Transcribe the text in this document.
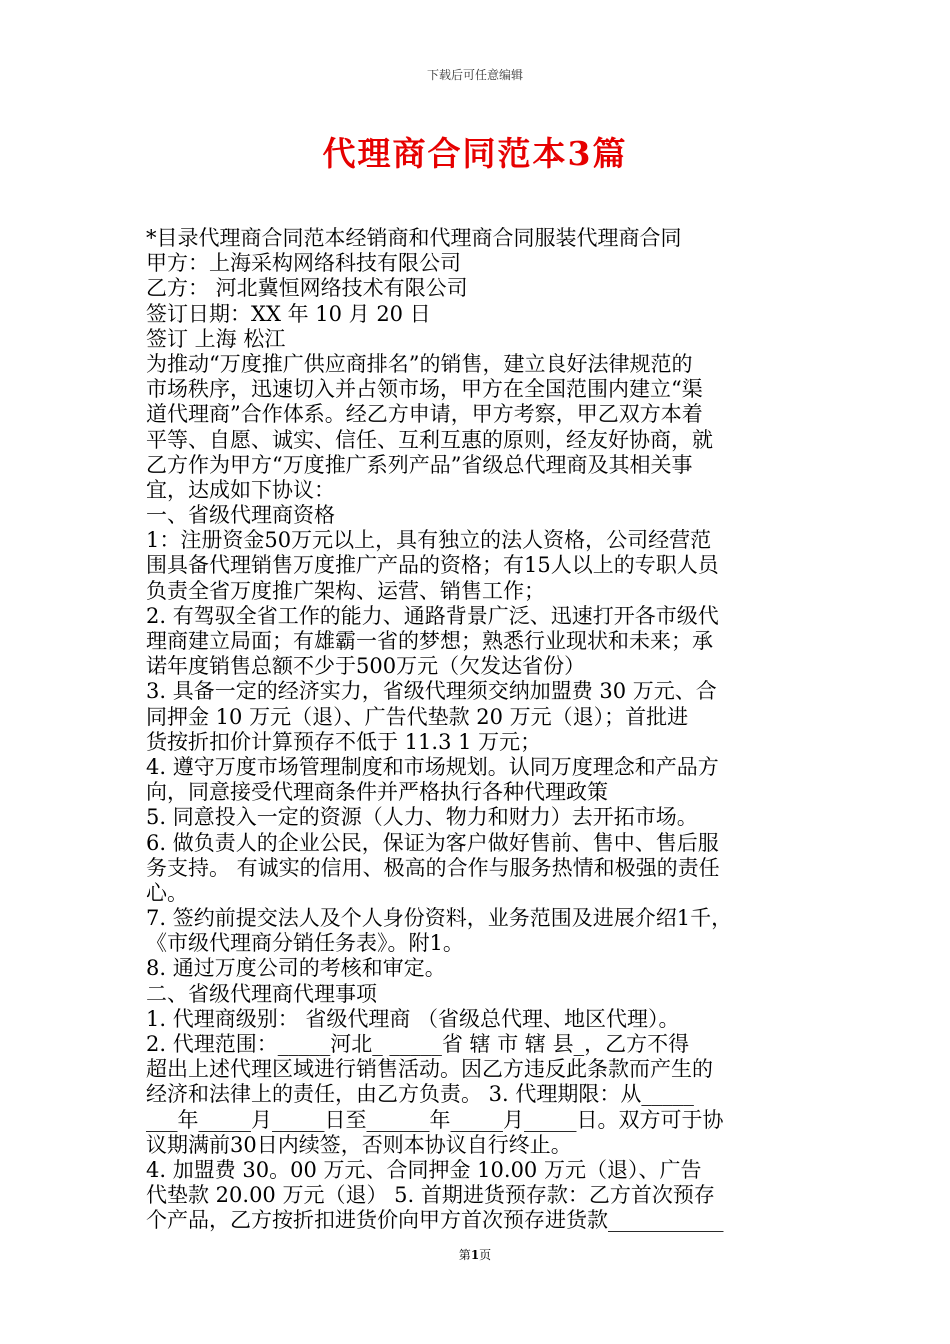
下载后可任意编辑
代理商合同范本3篇
*目录代理商合同范本经销商和代理商合同服装代理商合同
甲方：上海采构网络科技有限公司
乙方： 河北冀恒网络技术有限公司
签订日期：XX 年 10 月 20 日
签订 上海 松江
为推动“万度推广供应商排名”的销售，建立良好法律规范的
市场秩序，迅速切入并占领市场，甲方在全国范围内建立“渠
道代理商”合作体系。经乙方申请，甲方考察，甲乙双方本着
平等、自愿、诚实、信任、互利互惠的原则，经友好协商，就
乙方作为甲方“万度推广系列产品”省级总代理商及其相关事
宜，达成如下协议：
一、省级代理商资格
1：注册资金50万元以上，具有独立的法人资格，公司经营范
围具备代理销售万度推广产品的资格；有15人以上的专职人员
负责全省万度推广架构、运营、销售工作；
2. 有驾驭全省工作的能力、通路背景广泛、迅速打开各市级代
理商建立局面；有雄霸一省的梦想；熟悉行业现状和未来；承
诺年度销售总额不少于500万元（欠发达省份）
3. 具备一定的经济实力，省级代理须交纳加盟费 30 万元、合
同押金 10 万元（退）、广告代垫款 20 万元（退）；首批进
货按折扣价计算预存不低于 11.3 1 万元；
4. 遵守万度市场管理制度和市场规划。认同万度理念和产品方
向，同意接受代理商条件并严格执行各种代理政策
5. 同意投入一定的资源（人力、物力和财力）去开拓市场。
6. 做负责人的企业公民，保证为客户做好售前、售中、售后服
务支持。 有诚实的信用、极高的合作与服务热情和极强的责任
心。
7. 签约前提交法人及个人身份资料，业务范围及进展介绍1千，
《市级代理商分销任务表》。附1。
8. 通过万度公司的考核和审定。
二、省级代理商代理事项
1. 代理商级别： 省级代理商 （省级总代理、地区代理）。
2. 代理范围：_____河北_ _____省 辖 市 辖 县_，乙方不得
超出上述代理区域进行销售活动。因乙方违反此条款而产生的
经济和法律上的责任，由乙方负责。 3. 代理期限：从_____
___年_____月_____日至______年_____月_____日。双方可于协
议期满前30日内续签，否则本协议自行终止。
4. 加盟费 30。00 万元、合同押金 10.00 万元（退）、广告
代垫款 20.00 万元（退） 5. 首期进货预存款：乙方首次预存
个产品，乙方按折扣进货价向甲方首次预存进货款___________
第1页
